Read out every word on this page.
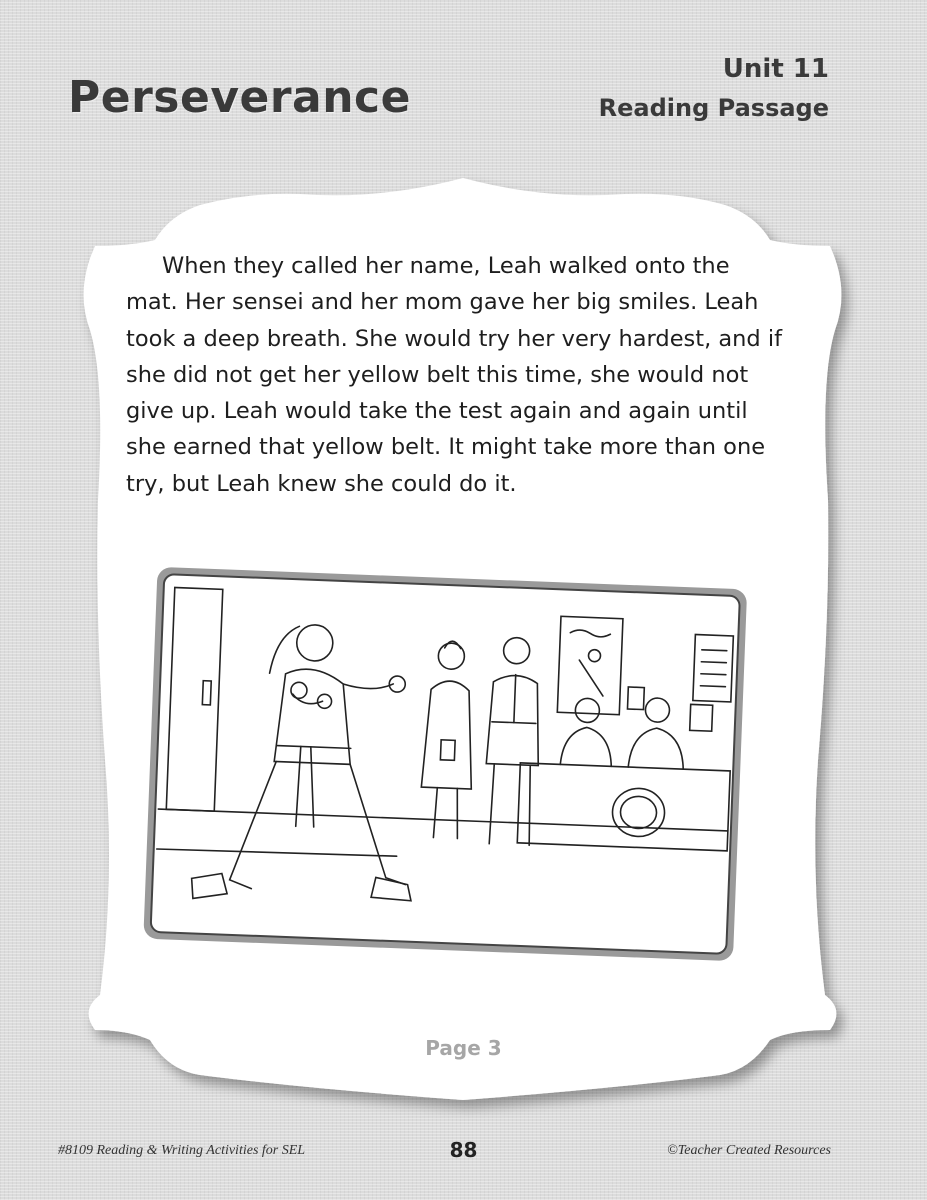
Perseverance
Unit 11
Reading Passage
When they called her name, Leah walked onto the mat. Her sensei and her mom gave her big smiles. Leah took a deep breath. She would try her very hardest, and if she did not get her yellow belt this time, she would not give up. Leah would take the test again and again until she earned that yellow belt. It might take more than one try, but Leah knew she could do it.
Page 3
#8109 Reading & Writing Activities for SEL	88	©Teacher Created Resources
